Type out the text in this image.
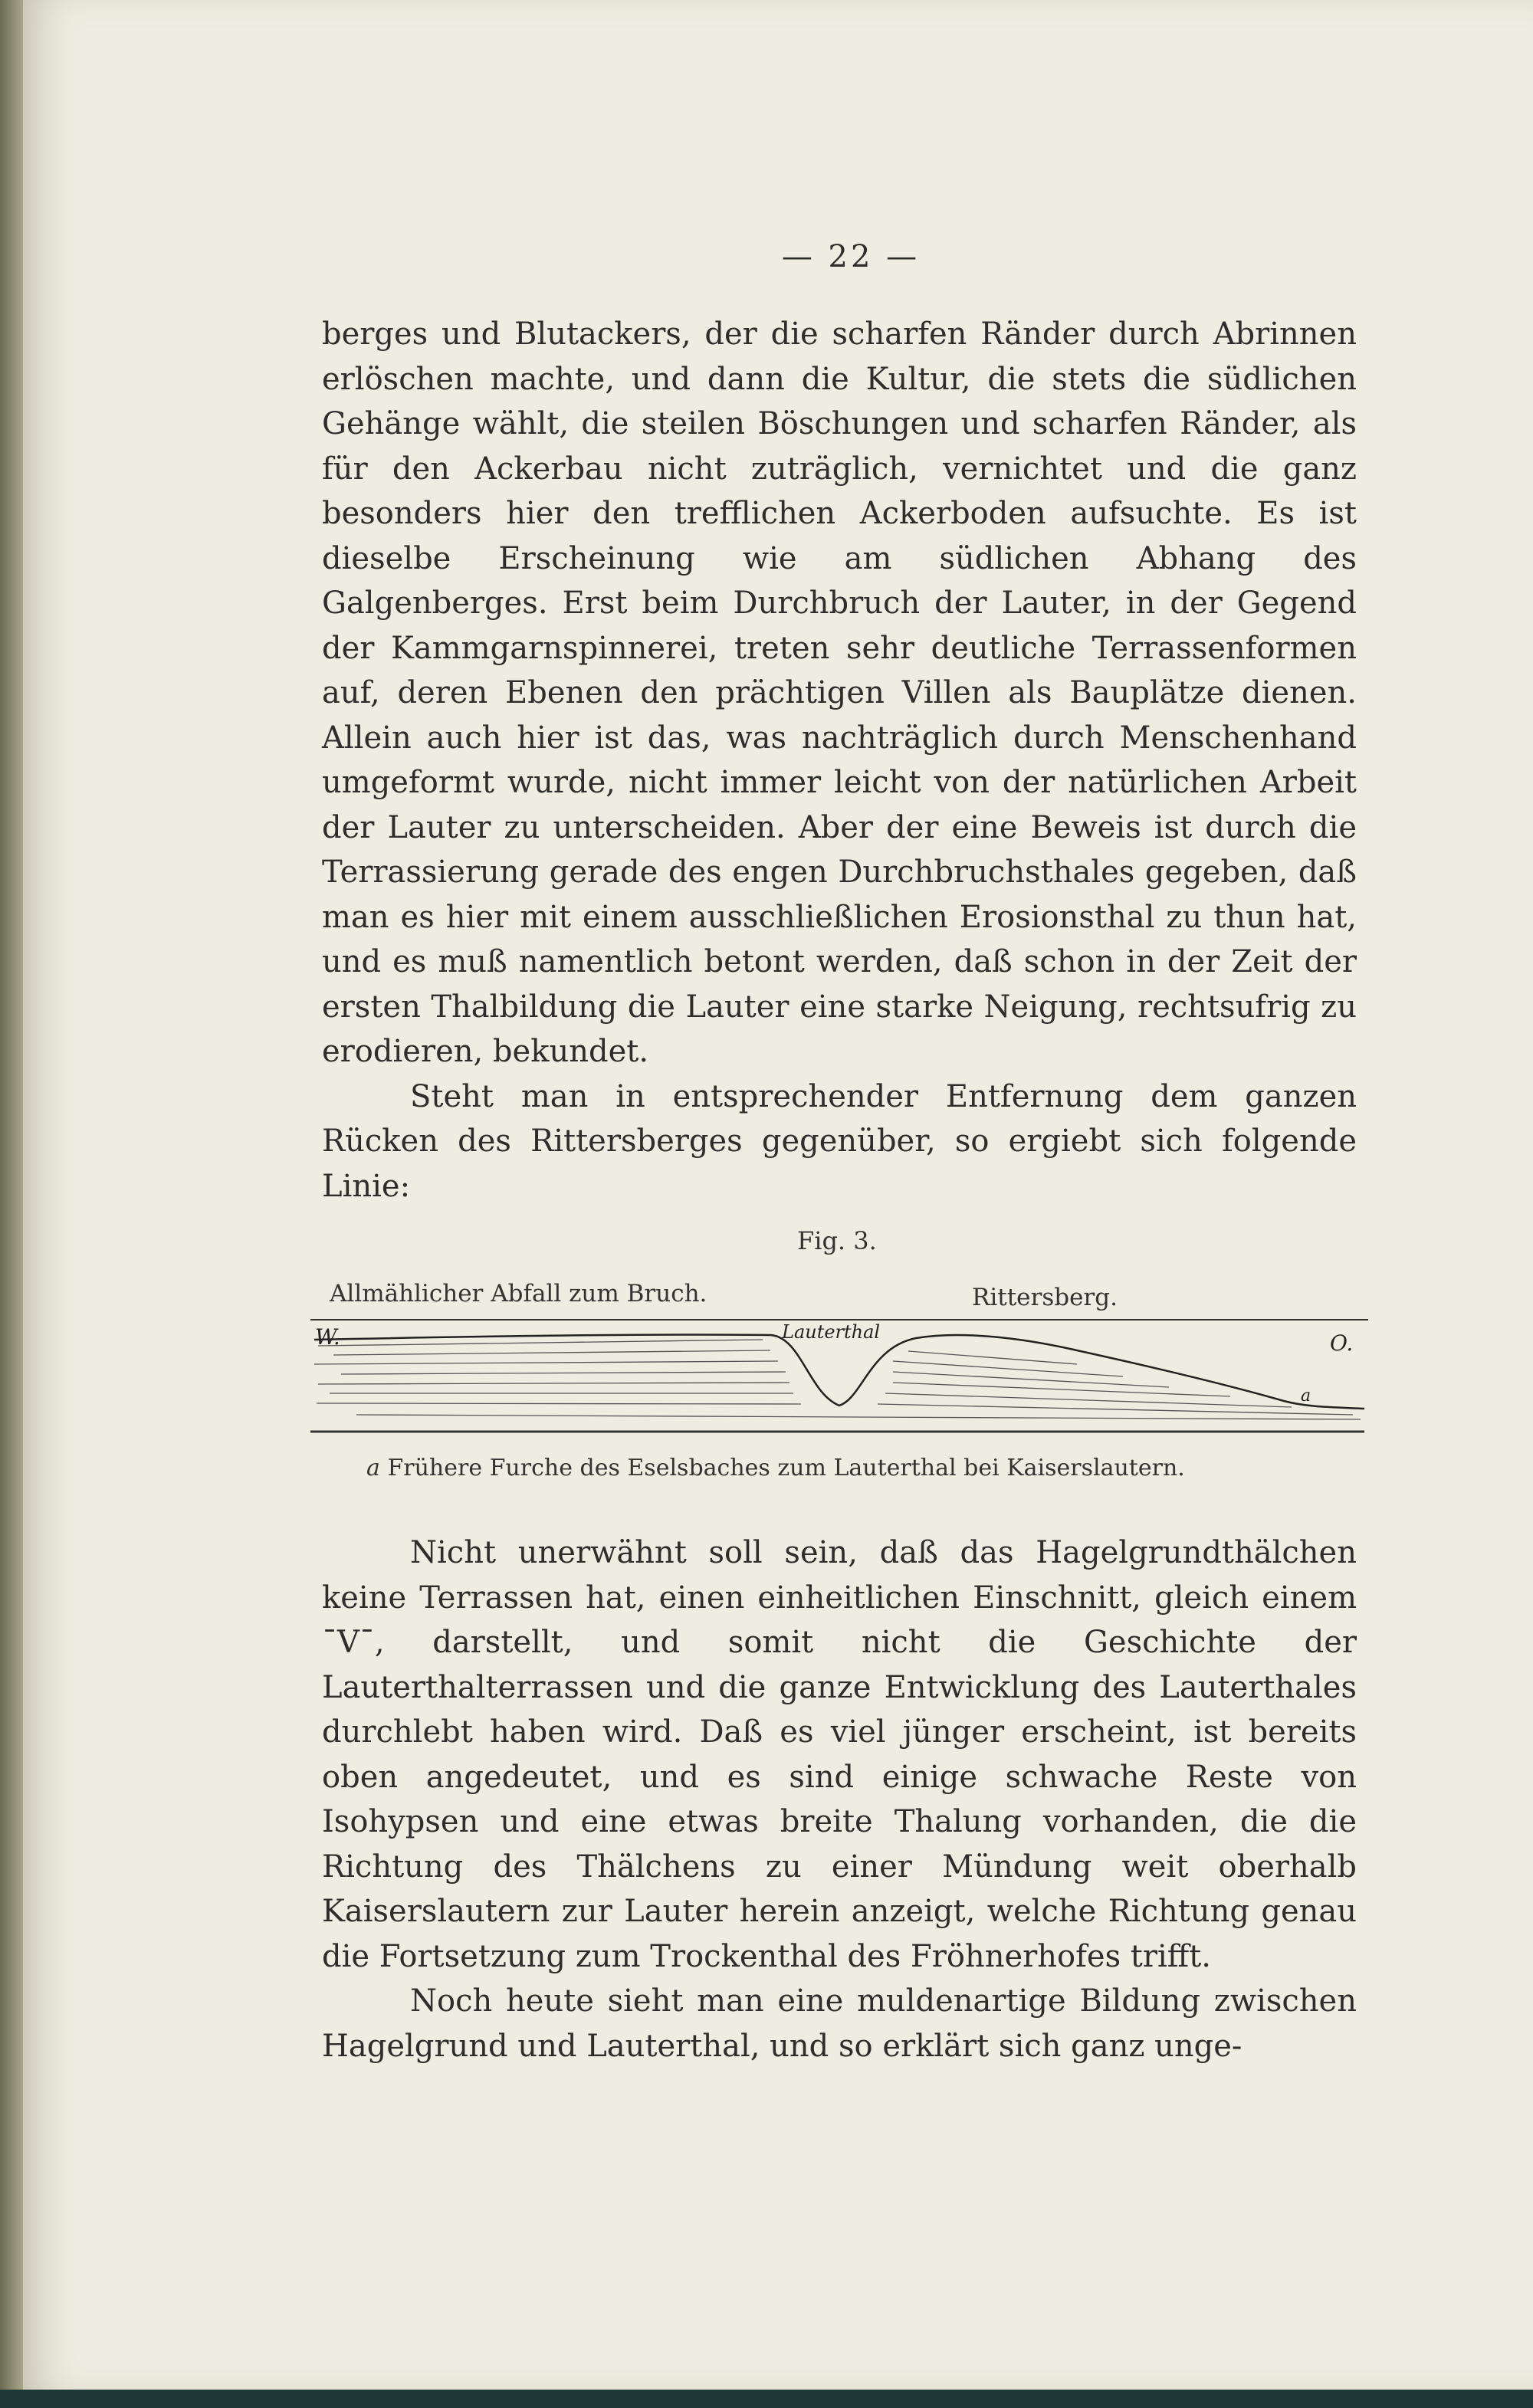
— 22 —

berges und Blutackers, der die scharfen Ränder durch Abrinnen erlöschen machte, und dann die Kultur, die stets die südlichen Gehänge wählt, die steilen Böschungen und scharfen Ränder, als für den Ackerbau nicht zuträglich, vernichtet und die ganz besonders hier den trefflichen Ackerboden aufsuchte. Es ist dieselbe Erscheinung wie am südlichen Abhang des Galgenberges. Erst beim Durchbruch der Lauter, in der Gegend der Kammgarnspinnerei, treten sehr deutliche Terrassenformen auf, deren Ebenen den prächtigen Villen als Bauplätze dienen. Allein auch hier ist das, was nachträglich durch Menschenhand umgeformt wurde, nicht immer leicht von der natürlichen Arbeit der Lauter zu unterscheiden. Aber der eine Beweis ist durch die Terrassierung gerade des engen Durchbruchsthales gegeben, daß man es hier mit einem ausschließlichen Erosionsthal zu thun hat, und es muß namentlich betont werden, daß schon in der Zeit der ersten Thalbildung die Lauter eine starke Neigung, rechtsufrig zu erodieren, bekundet.

Steht man in entsprechender Entfernung dem ganzen Rücken des Rittersberges gegenüber, so ergiebt sich folgende Linie:

Fig. 3.
Allmählicher Abfall zum Bruch.	Rittersberg.
W.	O.
Lauterthal
a
a Frühere Furche des Eselsbaches zum Lauterthal bei Kaiserslautern.

Nicht unerwähnt soll sein, daß das Hagelgrundthälchen keine Terrassen hat, einen einheitlichen Einschnitt, gleich einem ¯V¯, darstellt, und somit nicht die Geschichte der Lauterthalterrassen und die ganze Entwicklung des Lauterthales durchlebt haben wird. Daß es viel jünger erscheint, ist bereits oben angedeutet, und es sind einige schwache Reste von Isohypsen und eine etwas breite Thalung vorhanden, die die Richtung des Thälchens zu einer Mündung weit oberhalb Kaiserslautern zur Lauter herein anzeigt, welche Richtung genau die Fortsetzung zum Trockenthal des Fröhnerhofes trifft.

Noch heute sieht man eine muldenartige Bildung zwischen Hagelgrund und Lauterthal, und so erklärt sich ganz unge-
